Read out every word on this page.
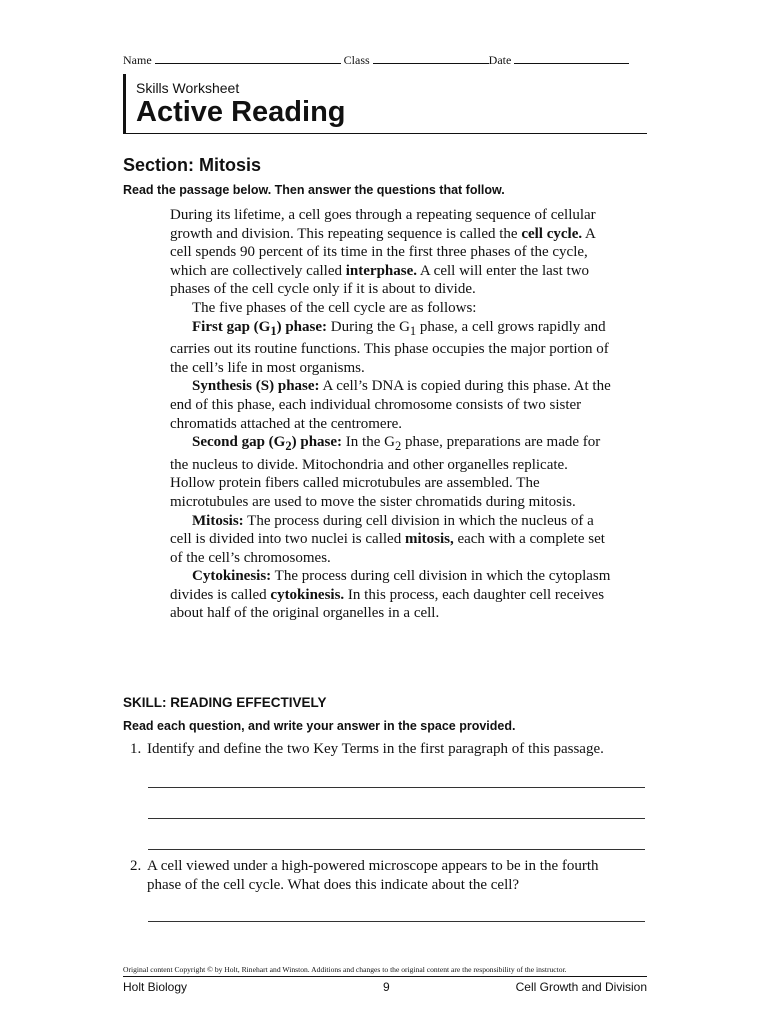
Name	Class	Date
Skills Worksheet
Active Reading
Section: Mitosis
Read the passage below. Then answer the questions that follow.

During its lifetime, a cell goes through a repeating sequence of cellular growth and division. This repeating sequence is called the cell cycle. A cell spends 90 percent of its time in the first three phases of the cycle, which are collectively called interphase. A cell will enter the last two phases of the cell cycle only if it is about to divide.

The five phases of the cell cycle are as follows:

First gap $(G_1)$ phase: During the $G_1$ phase, a cell grows rapidly and carries out its routine functions. This phase occupies the major portion of the cell’s life in most organisms.

Synthesis (S) phase: A cell’s DNA is copied during this phase. At the end of this phase, each individual chromosome consists of two sister chromatids attached at the centromere.

Second gap $(G_2)$ phase: In the $G_2$ phase, preparations are made for the nucleus to divide. Mitochondria and other organelles replicate. Hollow protein fibers called microtubules are assembled. The microtubules are used to move the sister chromatids during mitosis.

Mitosis: The process during cell division in which the nucleus of a cell is divided into two nuclei is called mitosis, each with a complete set of the cell’s chromosomes.

Cytokinesis: The process during cell division in which the cytoplasm divides is called cytokinesis. In this process, each daughter cell receives about half of the original organelles in a cell.

SKILL: READING EFFECTIVELY
Read each question, and write your answer in the space provided.
1. Identify and define the two Key Terms in the first paragraph of this passage.
2. A cell viewed under a high-powered microscope appears to be in the fourth
phase of the cell cycle. What does this indicate about the cell?
Original content Copyright © by Holt, Rinehart and Winston. Additions and changes to the original content are the responsibility of the instructor.
Holt Biology	9	Cell Growth and Division
